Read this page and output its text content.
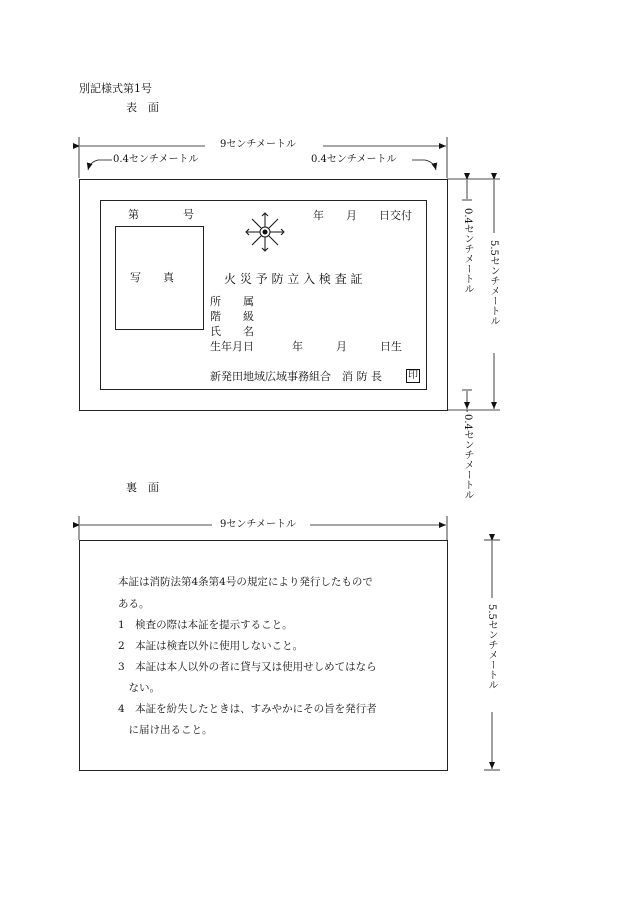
別記様式第1号
表　面
9センチメートル
0.4センチメートル	0.4センチメートル
5.5センチメートル
0.4センチメートル
0.4センチメートル
第　　　　号	年　　月　　日交付
写　　真	火 災 予 防 立 入 検 査 証
所　　属
階　　級
氏　　名
生年月日	年　　　月　　　日生
新発田地域広域事務組合　消 防 長	印
裏　面
9センチメートル
5.5センチメートル

本証は消防法第4条第4号の規定により発行したもので

ある。

1　検査の際は本証を提示すること。

2　本証は検査以外に使用しないこと。

3　本証は本人以外の者に貸与又は使用せしめてはなら

　ない。

4　本証を紛失したときは、すみやかにその旨を発行者

　に届け出ること。
